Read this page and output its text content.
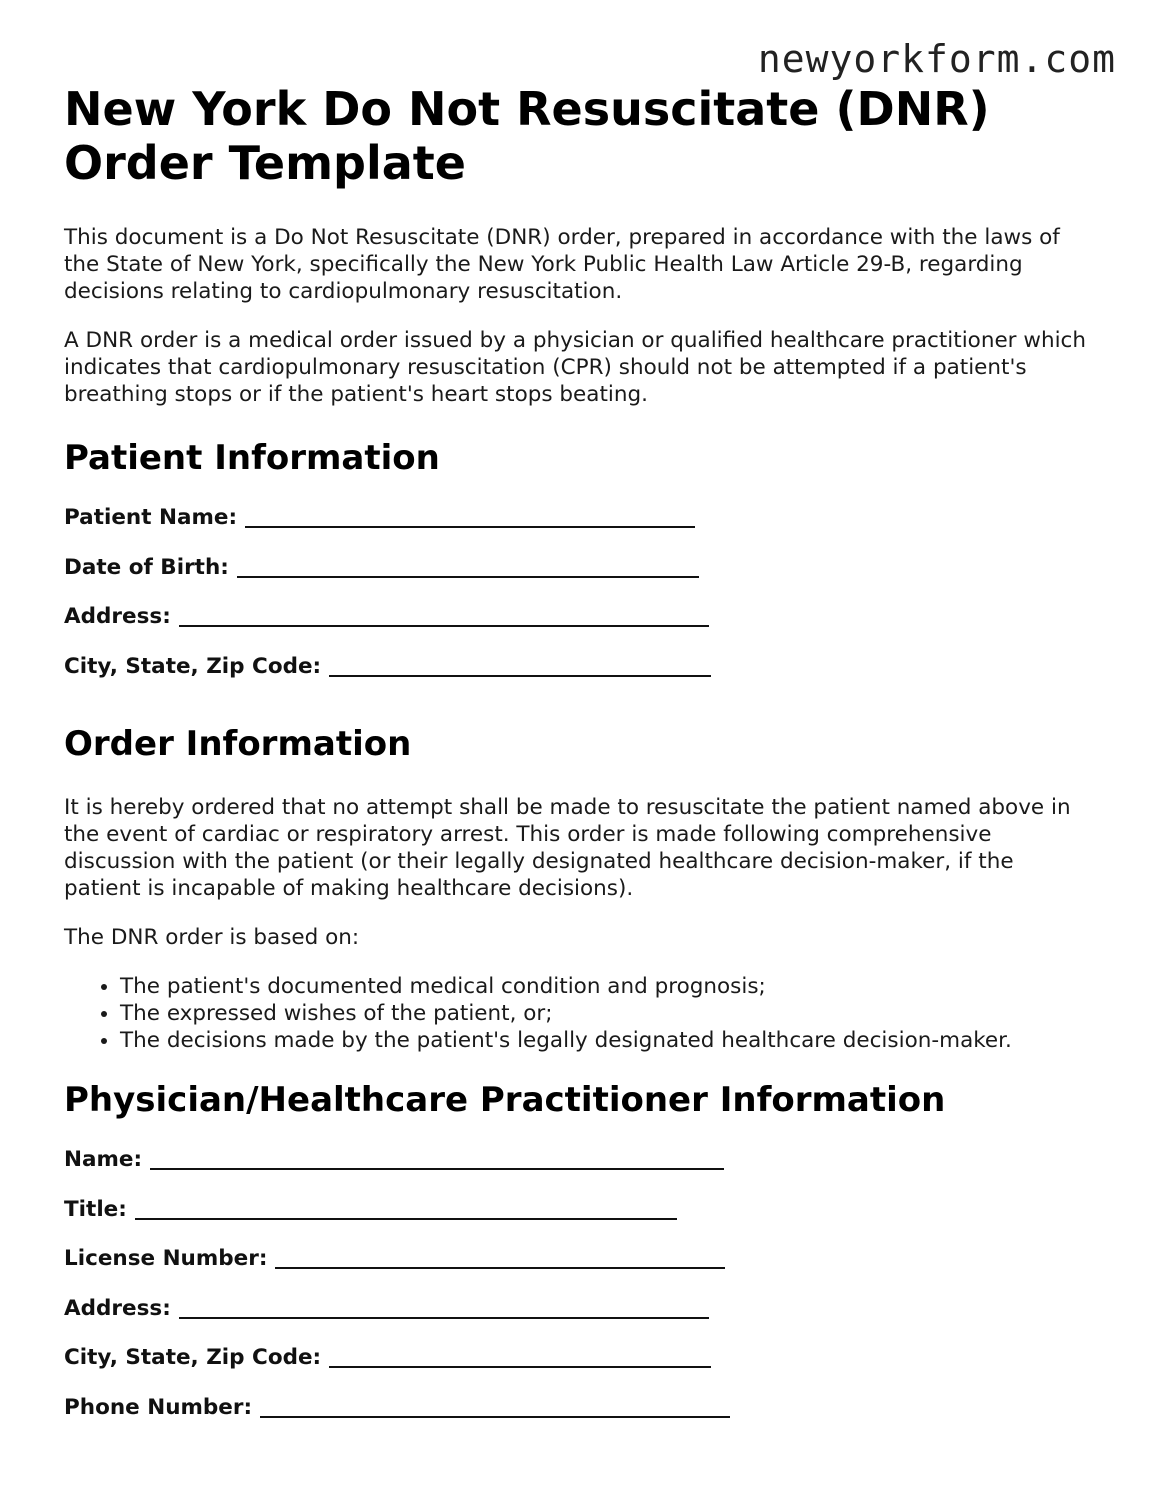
newyorkform.com
New York Do Not Resuscitate (DNR) Order Template

This document is a Do Not Resuscitate (DNR) order, prepared in accordance with the laws of the State of New York, specifically the New York Public Health Law Article 29-B, regarding decisions relating to cardiopulmonary resuscitation.

A DNR order is a medical order issued by a physician or qualified healthcare practitioner which indicates that cardiopulmonary resuscitation (CPR) should not be attempted if a patient's breathing stops or if the patient's heart stops beating.

Patient Information
Patient Name:
Date of Birth:
Address:
City, State, Zip Code:
Order Information

It is hereby ordered that no attempt shall be made to resuscitate the patient named above in the event of cardiac or respiratory arrest. This order is made following comprehensive discussion with the patient (or their legally designated healthcare decision-maker, if the patient is incapable of making healthcare decisions).

The DNR order is based on:

• The patient's documented medical condition and prognosis;
• The expressed wishes of the patient, or;
• The decisions made by the patient's legally designated healthcare decision-maker.
Physician/Healthcare Practitioner Information
Name:
Title:
License Number:
Address:
City, State, Zip Code:
Phone Number:
